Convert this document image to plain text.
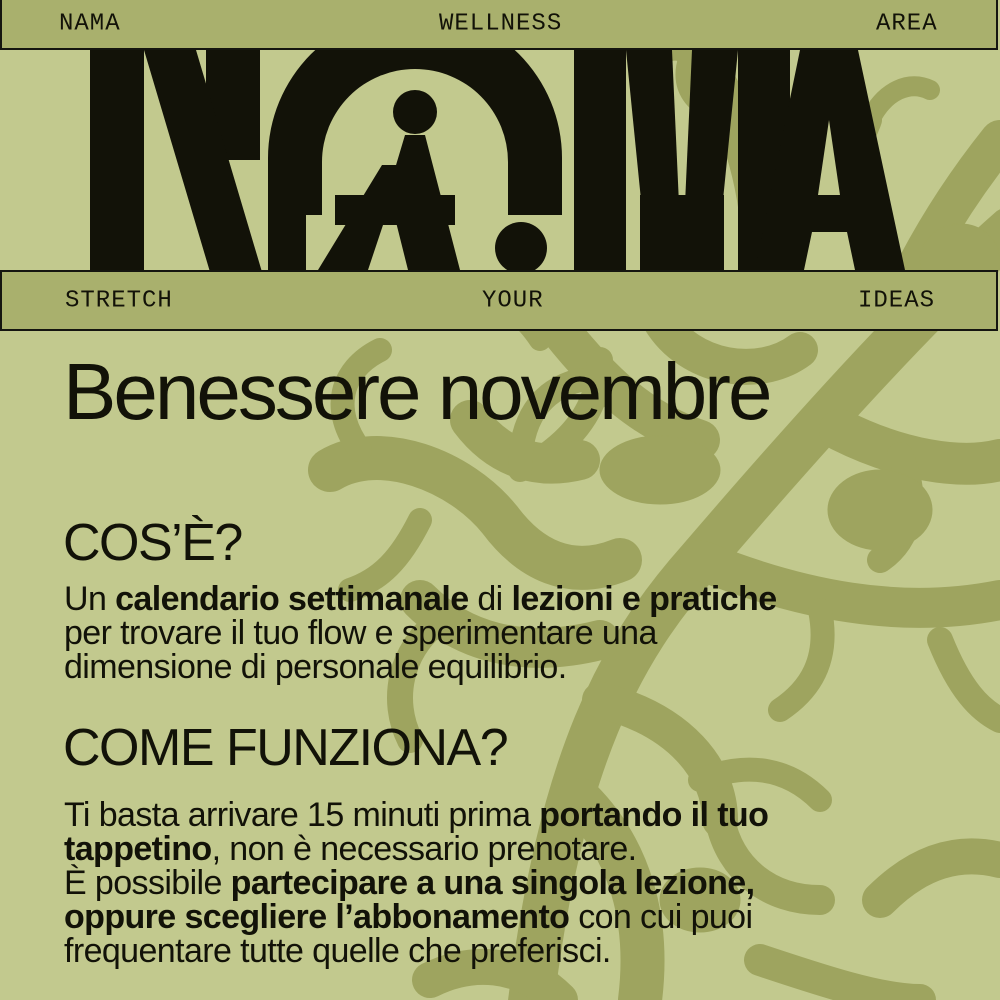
NAMA	WELLNESS	AREA
STRETCH	YOUR	IDEAS
Benessere novembre
COS’È?
Un calendario settimanale di lezioni e pratiche
per trovare il tuo flow e sperimentare una
dimensione di personale equilibrio.
COME FUNZIONA?
Ti basta arrivare 15 minuti prima portando il tuo
tappetino, non è necessario prenotare.
È possibile partecipare a una singola lezione,
oppure scegliere l’abbonamento con cui puoi
frequentare tutte quelle che preferisci.
